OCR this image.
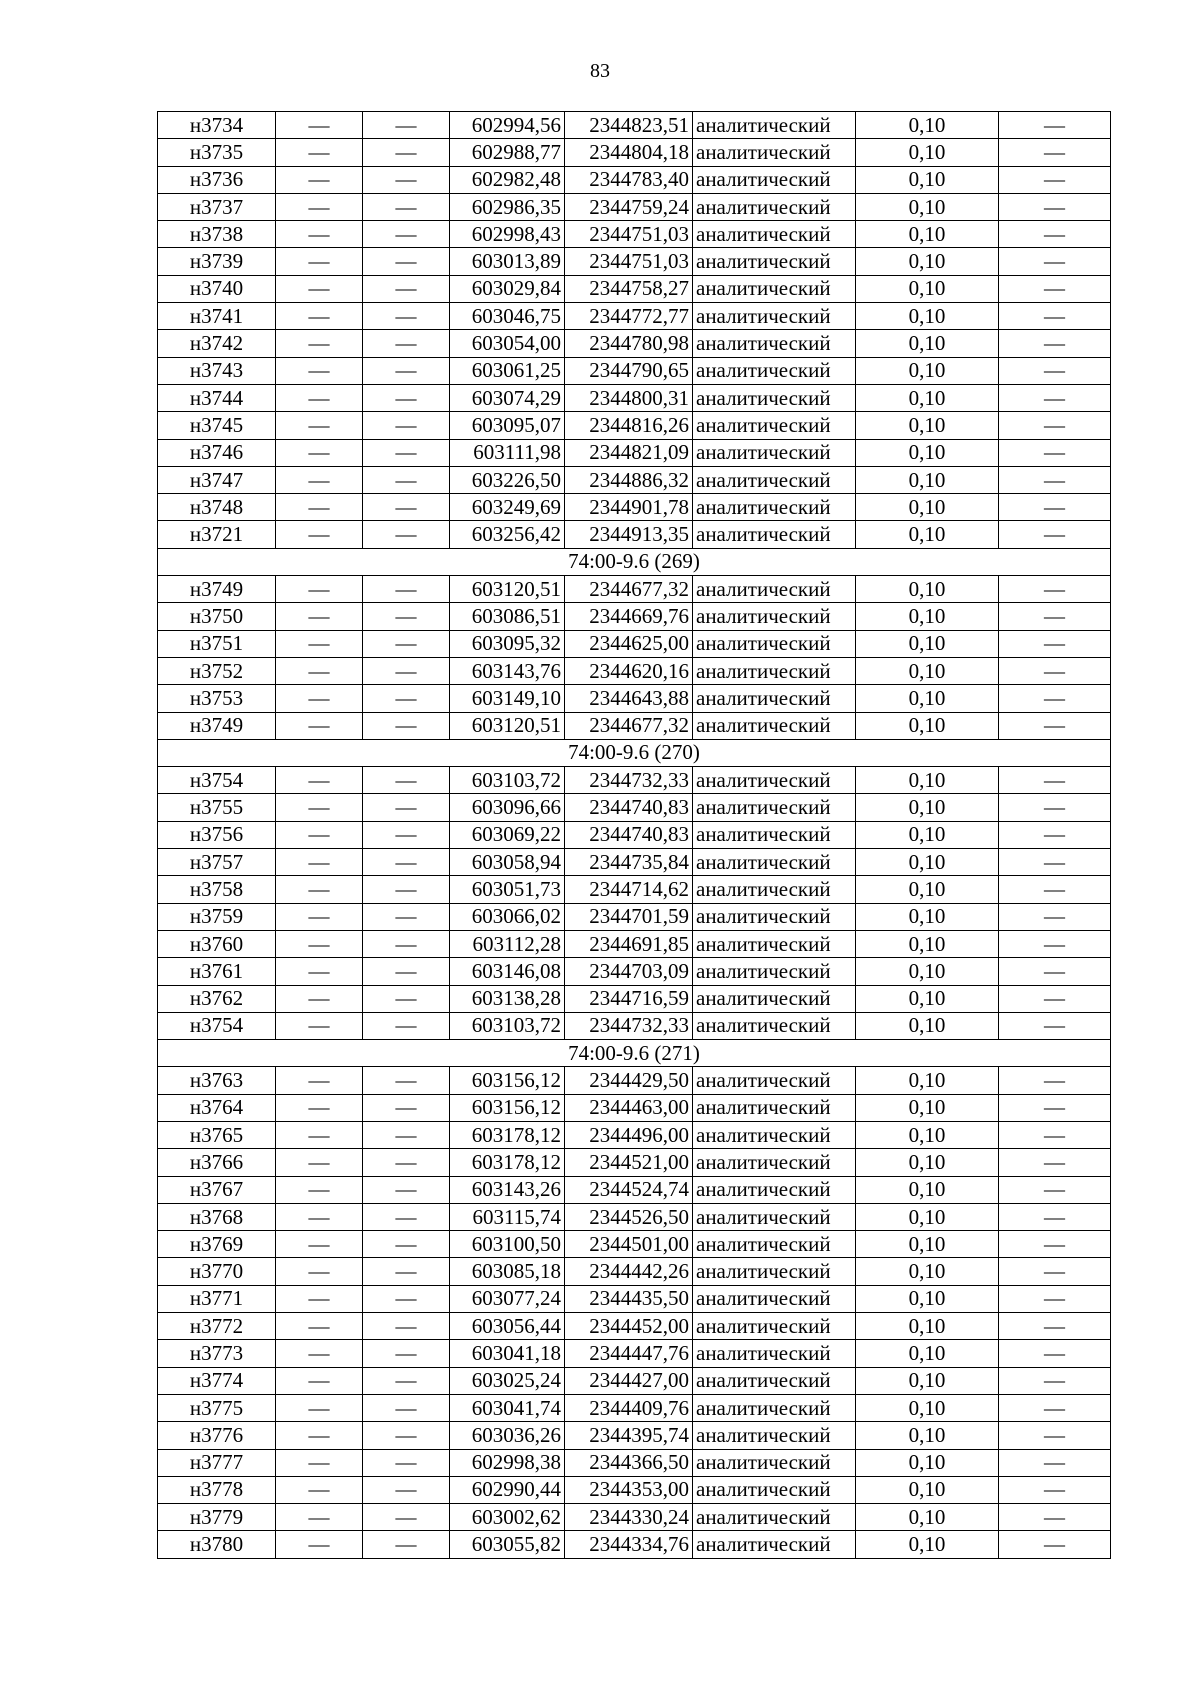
83
н3734	—	—	602994,56	2344823,51	аналитический	0,10	—
н3735	—	—	602988,77	2344804,18	аналитический	0,10	—
н3736	—	—	602982,48	2344783,40	аналитический	0,10	—
н3737	—	—	602986,35	2344759,24	аналитический	0,10	—
н3738	—	—	602998,43	2344751,03	аналитический	0,10	—
н3739	—	—	603013,89	2344751,03	аналитический	0,10	—
н3740	—	—	603029,84	2344758,27	аналитический	0,10	—
н3741	—	—	603046,75	2344772,77	аналитический	0,10	—
н3742	—	—	603054,00	2344780,98	аналитический	0,10	—
н3743	—	—	603061,25	2344790,65	аналитический	0,10	—
н3744	—	—	603074,29	2344800,31	аналитический	0,10	—
н3745	—	—	603095,07	2344816,26	аналитический	0,10	—
н3746	—	—	603111,98	2344821,09	аналитический	0,10	—
н3747	—	—	603226,50	2344886,32	аналитический	0,10	—
н3748	—	—	603249,69	2344901,78	аналитический	0,10	—
н3721	—	—	603256,42	2344913,35	аналитический	0,10	—
74:00-9.6 (269)							
н3749	—	—	603120,51	2344677,32	аналитический	0,10	—
н3750	—	—	603086,51	2344669,76	аналитический	0,10	—
н3751	—	—	603095,32	2344625,00	аналитический	0,10	—
н3752	—	—	603143,76	2344620,16	аналитический	0,10	—
н3753	—	—	603149,10	2344643,88	аналитический	0,10	—
н3749	—	—	603120,51	2344677,32	аналитический	0,10	—
74:00-9.6 (270)							
н3754	—	—	603103,72	2344732,33	аналитический	0,10	—
н3755	—	—	603096,66	2344740,83	аналитический	0,10	—
н3756	—	—	603069,22	2344740,83	аналитический	0,10	—
н3757	—	—	603058,94	2344735,84	аналитический	0,10	—
н3758	—	—	603051,73	2344714,62	аналитический	0,10	—
н3759	—	—	603066,02	2344701,59	аналитический	0,10	—
н3760	—	—	603112,28	2344691,85	аналитический	0,10	—
н3761	—	—	603146,08	2344703,09	аналитический	0,10	—
н3762	—	—	603138,28	2344716,59	аналитический	0,10	—
н3754	—	—	603103,72	2344732,33	аналитический	0,10	—
74:00-9.6 (271)							
н3763	—	—	603156,12	2344429,50	аналитический	0,10	—
н3764	—	—	603156,12	2344463,00	аналитический	0,10	—
н3765	—	—	603178,12	2344496,00	аналитический	0,10	—
н3766	—	—	603178,12	2344521,00	аналитический	0,10	—
н3767	—	—	603143,26	2344524,74	аналитический	0,10	—
н3768	—	—	603115,74	2344526,50	аналитический	0,10	—
н3769	—	—	603100,50	2344501,00	аналитический	0,10	—
н3770	—	—	603085,18	2344442,26	аналитический	0,10	—
н3771	—	—	603077,24	2344435,50	аналитический	0,10	—
н3772	—	—	603056,44	2344452,00	аналитический	0,10	—
н3773	—	—	603041,18	2344447,76	аналитический	0,10	—
н3774	—	—	603025,24	2344427,00	аналитический	0,10	—
н3775	—	—	603041,74	2344409,76	аналитический	0,10	—
н3776	—	—	603036,26	2344395,74	аналитический	0,10	—
н3777	—	—	602998,38	2344366,50	аналитический	0,10	—
н3778	—	—	602990,44	2344353,00	аналитический	0,10	—
н3779	—	—	603002,62	2344330,24	аналитический	0,10	—
н3780	—	—	603055,82	2344334,76	аналитический	0,10	—
